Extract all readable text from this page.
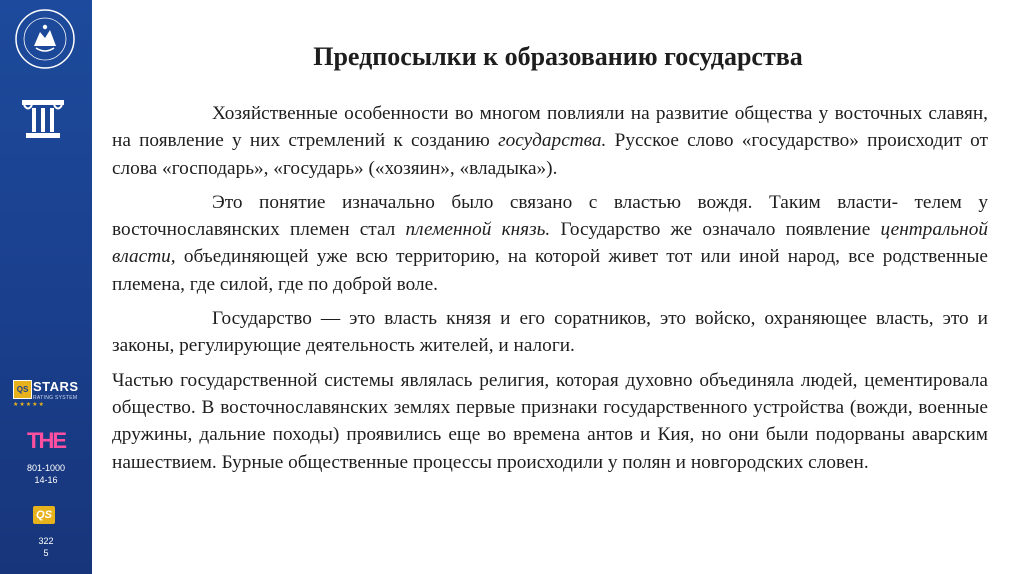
QS STARS
RATING SYSTEM
★★★★★
THE
801-1000
14-16
QS
322
5
Предпосылки к образованию государства

Хозяйственные особенности во многом повлияли на развитие общества у восточных славян, на появление у них стремлений к созданию государства. Русское слово «государство» происходит от слова «господарь», «государь» («хозяин», «владыка»).

Это понятие изначально было связано с властью вождя. Таким власти- телем у восточнославянских племен стал племенной князь. Государство же означало появление центральной власти, объединяющей уже всю территорию, на которой живет тот или иной народ, все родственные племена, где силой, где по доброй воле.

Государство — это власть князя и его соратников, это войско, охраняющее власть, это и законы, регулирующие деятельность жителей, и налоги.

Частью государственной системы являлась религия, которая духовно объединяла людей, цементировала общество. В восточнославянских землях первые признаки государственного устройства (вожди, военные дружины, дальние походы) проявились еще во времена антов и Кия, но они были подорваны аварским нашествием. Бурные общественные процессы происходили у полян и новгородских словен.
